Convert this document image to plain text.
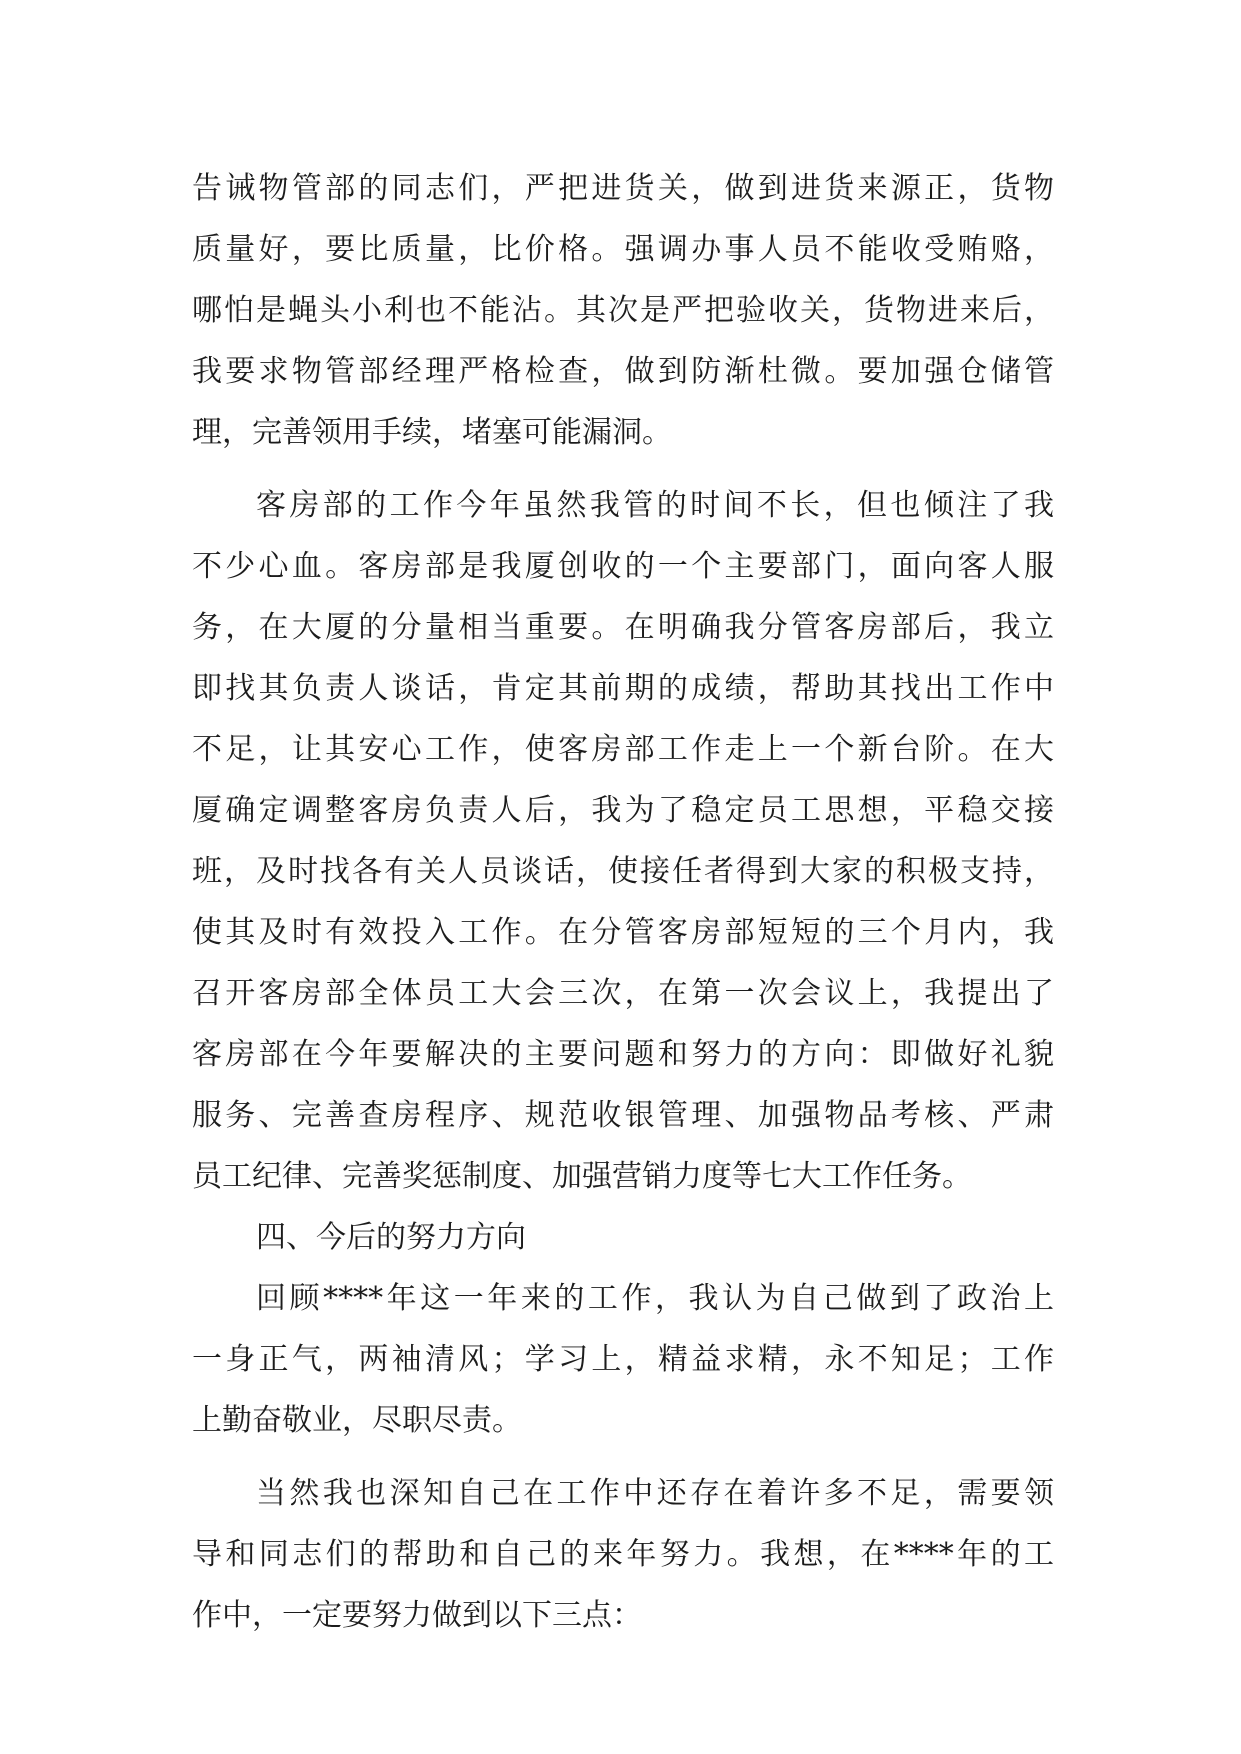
告诫物管部的同志们，严把进货关，做到进货来源正，货物
质量好，要比质量，比价格。强调办事人员不能收受贿赂，
哪怕是蝇头小利也不能沾。其次是严把验收关，货物进来后，
我要求物管部经理严格检查，做到防渐杜微。要加强仓储管
理，完善领用手续，堵塞可能漏洞。
客房部的工作今年虽然我管的时间不长，但也倾注了我
不少心血。客房部是我厦创收的一个主要部门，面向客人服
务，在大厦的分量相当重要。在明确我分管客房部后，我立
即找其负责人谈话，肯定其前期的成绩，帮助其找出工作中
不足，让其安心工作，使客房部工作走上一个新台阶。在大
厦确定调整客房负责人后，我为了稳定员工思想，平稳交接
班，及时找各有关人员谈话，使接任者得到大家的积极支持，
使其及时有效投入工作。在分管客房部短短的三个月内，我
召开客房部全体员工大会三次，在第一次会议上，我提出了
客房部在今年要解决的主要问题和努力的方向：即做好礼貌
服务、完善查房程序、规范收银管理、加强物品考核、严肃
员工纪律、完善奖惩制度、加强营销力度等七大工作任务。
四、今后的努力方向
回顾****年这一年来的工作，我认为自己做到了政治上
一身正气，两袖清风；学习上，精益求精，永不知足；工作
上勤奋敬业，尽职尽责。
当然我也深知自己在工作中还存在着许多不足，需要领
导和同志们的帮助和自己的来年努力。我想，在****年的工
作中，一定要努力做到以下三点：
